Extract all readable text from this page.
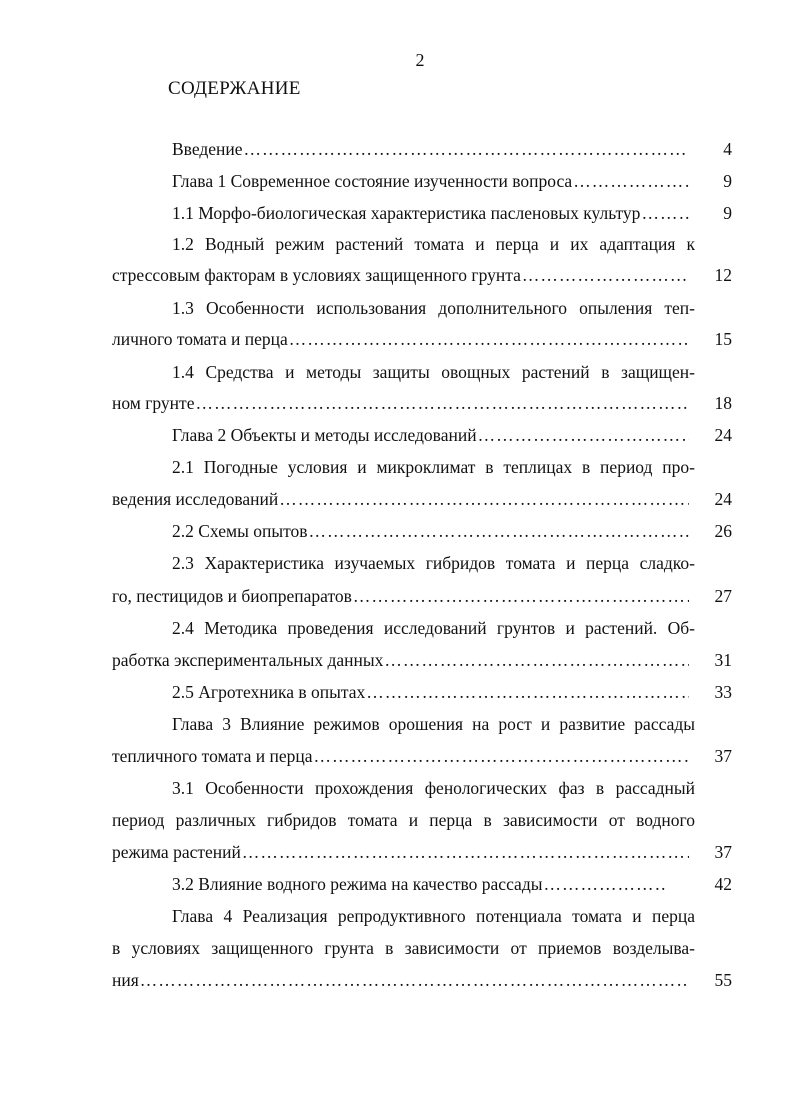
2
СОДЕРЖАНИЕ
Введение …………………………………………………………………………………………………………………………………………………	4
Глава 1 Современное состояние изученности вопроса …………………………………………………………………………………………………………………………………………………	9
1.1 Морфо-биологическая характеристика пасленовых культур …………………………………………………………………………………………………………………………………………………	9
1.2 Водный режим растений томата и перца и их адаптация к
стрессовым факторам в условиях защищенного грунта …………………………………………………………………………………………………………………………………………………	12
1.3 Особенности использования дополнительного опыления теп-
личного томата и перца …………………………………………………………………………………………………………………………………………………	15
1.4 Средства и методы защиты овощных растений в защищен-
ном грунте …………………………………………………………………………………………………………………………………………………	18
Глава 2 Объекты и методы исследований …………………………………………………………………………………………………………………………………………………	24
2.1 Погодные условия и микроклимат в теплицах в период про-
ведения исследований …………………………………………………………………………………………………………………………………………………	24
2.2 Схемы опытов …………………………………………………………………………………………………………………………………………………	26
2.3 Характеристика изучаемых гибридов томата и перца сладко-
го, пестицидов и биопрепаратов …………………………………………………………………………………………………………………………………………………	27
2.4 Методика проведения исследований грунтов и растений. Об-
работка экспериментальных данных …………………………………………………………………………………………………………………………………………………	31
2.5 Агротехника в опытах …………………………………………………………………………………………………………………………………………………	33
Глава 3 Влияние режимов орошения на рост и развитие рассады
тепличного томата и перца …………………………………………………………………………………………………………………………………………………	37
3.1 Особенности прохождения фенологических фаз в рассадный
период различных гибридов томата и перца в зависимости от водного
режима растений …………………………………………………………………………………………………………………………………………………	37
3.2 Влияние водного режима на качество рассады …………………………………………………………………………………………………………………………………………………	42
Глава 4 Реализация репродуктивного потенциала томата и перца
в условиях защищенного грунта в зависимости от приемов возделыва-
ния …………………………………………………………………………………………………………………………………………………	55
